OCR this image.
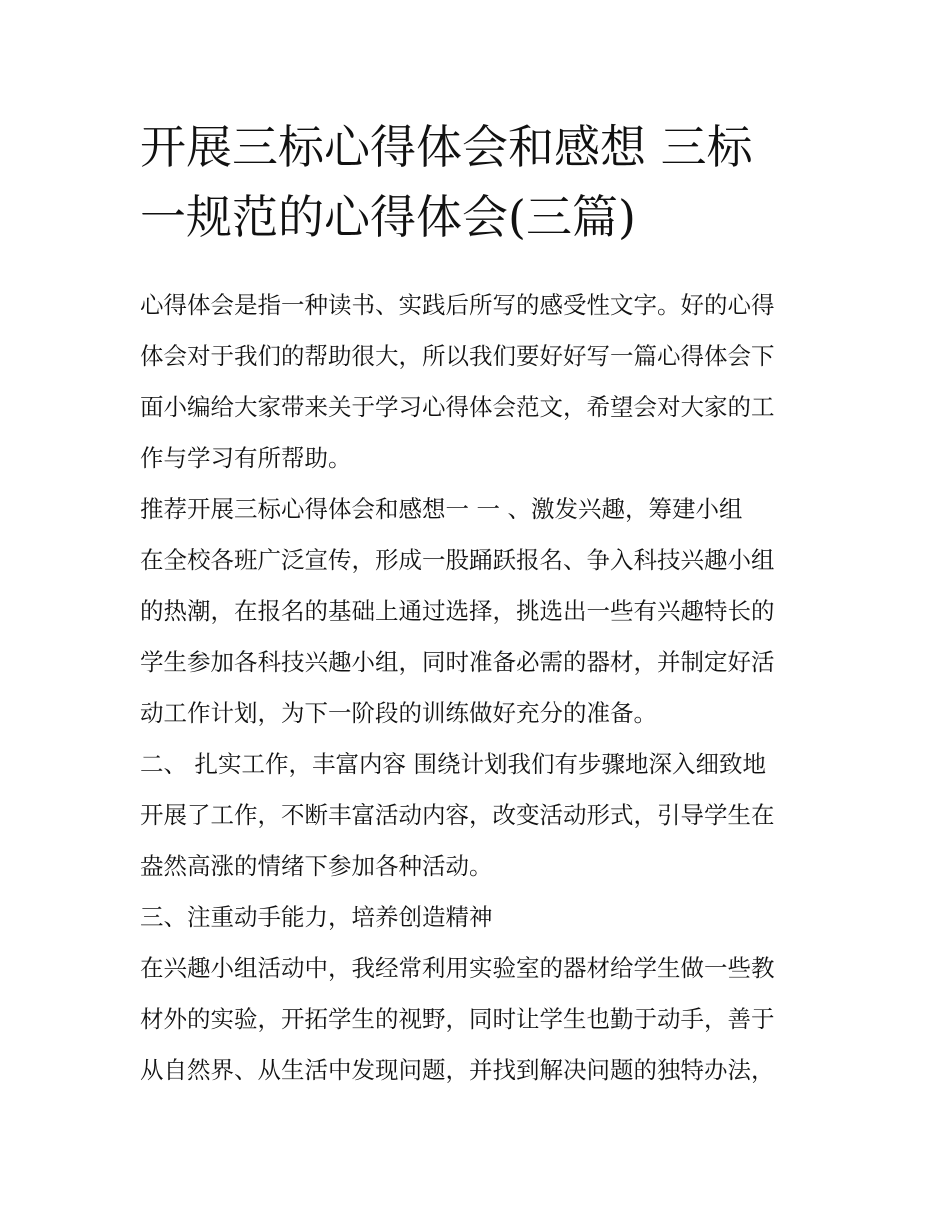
开展三标心得体会和感想 三标
一规范的心得体会(三篇)
心得体会是指一种读书、实践后所写的感受性文字。好的心得
体会对于我们的帮助很大，所以我们要好好写一篇心得体会下
面小编给大家带来关于学习心得体会范文，希望会对大家的工
作与学习有所帮助。
推荐开展三标心得体会和感想一 一 、激发兴趣，筹建小组
在全校各班广泛宣传，形成一股踊跃报名、争入科技兴趣小组
的热潮，在报名的基础上通过选择，挑选出一些有兴趣特长的
学生参加各科技兴趣小组，同时准备必需的器材，并制定好活
动工作计划，为下一阶段的训练做好充分的准备。
二、 扎实工作，丰富内容 围绕计划我们有步骤地深入细致地
开展了工作，不断丰富活动内容，改变活动形式，引导学生在
盎然高涨的情绪下参加各种活动。
三、注重动手能力，培养创造精神
在兴趣小组活动中，我经常利用实验室的器材给学生做一些教
材外的实验，开拓学生的视野，同时让学生也勤于动手，善于
从自然界、从生活中发现问题，并找到解决问题的独特办法，
